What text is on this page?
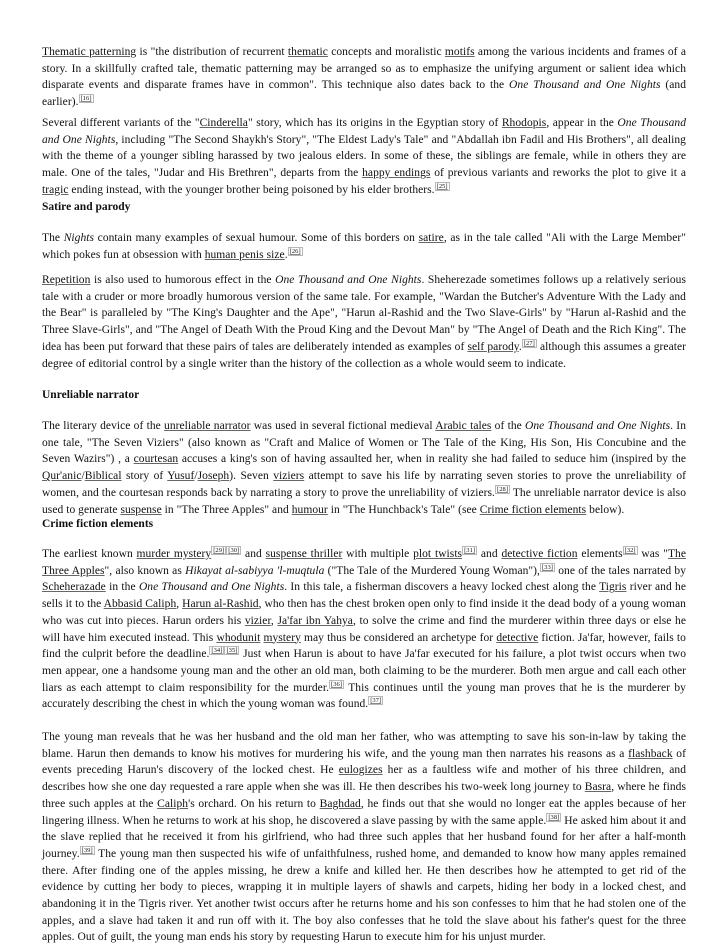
Thematic patterning is "the distribution of recurrent thematic concepts and moralistic motifs among the various incidents and frames of a story. In a skillfully crafted tale, thematic patterning may be arranged so as to emphasize the unifying argument or salient idea which disparate events and disparate frames have in common". This technique also dates back to the One Thousand and One Nights (and earlier). [16]

Several different variants of the "Cinderella" story, which has its origins in the Egyptian story of Rhodopis, appear in the One Thousand and One Nights, including "The Second Shaykh's Story", "The Eldest Lady's Tale" and "Abdallah ibn Fadil and His Brothers", all dealing with the theme of a younger sibling harassed by two jealous elders. In some of these, the siblings are female, while in others they are male. One of the tales, "Judar and His Brethren", departs from the happy endings of previous variants and reworks the plot to give it a tragic ending instead, with the younger brother being poisoned by his elder brothers. [25]

Satire and parody

The Nights contain many examples of sexual humour. Some of this borders on satire, as in the tale called "Ali with the Large Member" which pokes fun at obsession with human penis size. [26]

Repetition is also used to humorous effect in the One Thousand and One Nights. Sheherezade sometimes follows up a relatively serious tale with a cruder or more broadly humorous version of the same tale. For example, "Wardan the Butcher's Adventure With the Lady and the Bear" is paralleled by "The King's Daughter and the Ape", "Harun al-Rashid and the Two Slave-Girls" by "Harun al-Rashid and the Three Slave-Girls", and "The Angel of Death With the Proud King and the Devout Man" by "The Angel of Death and the Rich King". The idea has been put forward that these pairs of tales are deliberately intended as examples of self parody. [27] although this assumes a greater degree of editorial control by a single writer than the history of the collection as a whole would seem to indicate.

Unreliable narrator

The literary device of the unreliable narrator was used in several fictional medieval Arabic tales of the One Thousand and One Nights. In one tale, "The Seven Viziers" (also known as "Craft and Malice of Women or The Tale of the King, His Son, His Concubine and the Seven Wazirs") , a courtesan accuses a king's son of having assaulted her, when in reality she had failed to seduce him (inspired by the Qur'anic/Biblical story of Yusuf/Joseph). Seven viziers attempt to save his life by narrating seven stories to prove the unreliability of women, and the courtesan responds back by narrating a story to prove the unreliability of viziers. [28] The unreliable narrator device is also used to generate suspense in "The Three Apples" and humour in "The Hunchback's Tale" (see Crime fiction elements below).

Crime fiction elements

The earliest known murder mystery [29] [30] and suspense thriller with multiple plot twists [31] and detective fiction elements [32] was "The Three Apples", also known as Hikayat al-sabiyya 'l-muqtula ("The Tale of the Murdered Young Woman"), [33] one of the tales narrated by Scheherazade in the One Thousand and One Nights. In this tale, a fisherman discovers a heavy locked chest along the Tigris river and he sells it to the Abbasid Caliph, Harun al-Rashid, who then has the chest broken open only to find inside it the dead body of a young woman who was cut into pieces. Harun orders his vizier, Ja'far ibn Yahya, to solve the crime and find the murderer within three days or else he will have him executed instead. This whodunit mystery may thus be considered an archetype for detective fiction. Ja'far, however, fails to find the culprit before the deadline. [34] [35] Just when Harun is about to have Ja'far executed for his failure, a plot twist occurs when two men appear, one a handsome young man and the other an old man, both claiming to be the murderer. Both men argue and call each other liars as each attempt to claim responsibility for the murder. [36] This continues until the young man proves that he is the murderer by accurately describing the chest in which the young woman was found. [37]

The young man reveals that he was her husband and the old man her father, who was attempting to save his son-in-law by taking the blame. Harun then demands to know his motives for murdering his wife, and the young man then narrates his reasons as a flashback of events preceding Harun's discovery of the locked chest. He eulogizes her as a faultless wife and mother of his three children, and describes how she one day requested a rare apple when she was ill. He then describes his two-week long journey to Basra, where he finds three such apples at the Caliph's orchard. On his return to Baghdad, he finds out that she would no longer eat the apples because of her lingering illness. When he returns to work at his shop, he discovered a slave passing by with the same apple. [38] He asked him about it and the slave replied that he received it from his girlfriend, who had three such apples that her husband found for her after a half-month journey. [39] The young man then suspected his wife of unfaithfulness, rushed home, and demanded to know how many apples remained there. After finding one of the apples missing, he drew a knife and killed her. He then describes how he attempted to get rid of the evidence by cutting her body to pieces, wrapping it in multiple layers of shawls and carpets, hiding her body in a locked chest, and abandoning it in the Tigris river. Yet another twist occurs after he returns home and his son confesses to him that he had stolen one of the apples, and a slave had taken it and run off with it. The boy also confesses that he told the slave about his father's quest for the three apples. Out of guilt, the young man ends his story by requesting Harun to execute him for his unjust murder.
